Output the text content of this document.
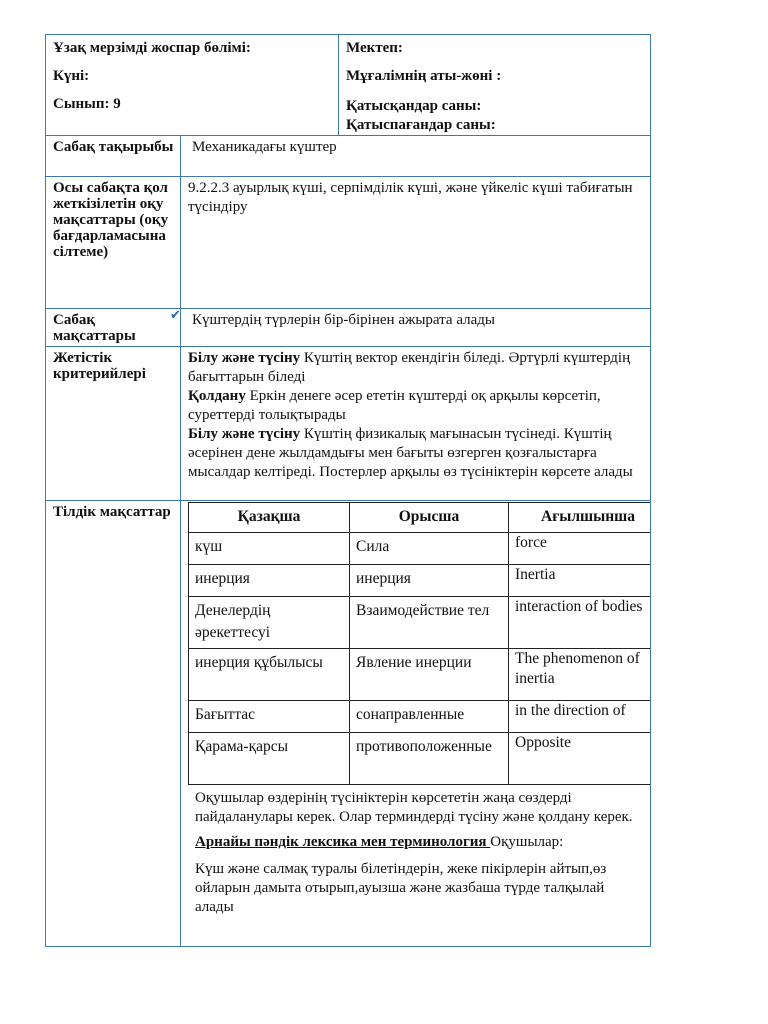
Ұзақ мерзімді жоспар бөлімі:
Күні:
Сынып: 9

Мектеп:
Мұғалімнің аты-жөні :
Қатысқандар саны:
Қатыспағандар саны:

Сабақ тақырыбы	Механикадағы күштер
Осы сабақта қол жеткізілетін оқу мақсаттары (оқу бағдарламасына сілтеме)	9.2.2.3 ауырлық күші, серпімділік күші, және үйкеліс күші табиғатын түсіндіру
Сабақ мақсаттары	Күштердің түрлерін бір-бірінен ажырата алады
Жетістік критерийлері	
Білу және түсіну Күштің вектор екендігін біледі. Әртүрлі күштердің бағыттарын біледі
Қолдану Еркін денеге әсер ететін күштерді оқ арқылы көрсетіп, суреттерді толықтырады
Білу және түсіну Күштің физикалық мағынасын түсінеді. Күштің әсерінен дене жылдамдығы мен бағыты өзгерген қозғалыстарға мысалдар келтіреді. Постерлер арқылы өз түсініктерін көрсете алады

Тілдік мақсаттар		Қазақша	Орысша	Ағылшынша
күш	Сила	force
инерция	инерция	Inertia
Денелердің әрекеттесуі	Взаимодействие тел	interaction of bodies
инерция құбылысы	Явление инерции	The phenomenon of inertia
Бағыттас	сонаправленные	in the direction of
Қарама-қарсы	противоположенные	Opposite
Оқушылар өздерінің түсініктерін көрсететін жаңа сөздерді пайдаланулары керек. Олар терминдерді түсіну және қолдану керек.
Арнайы пәндік лексика мен терминология Оқушылар:
Күш және салмақ туралы білетіндерін, жеке пікірлерін айтып,өз ойларын дамыта отырып,ауызша және жазбаша түрде талқылай алады
✔
